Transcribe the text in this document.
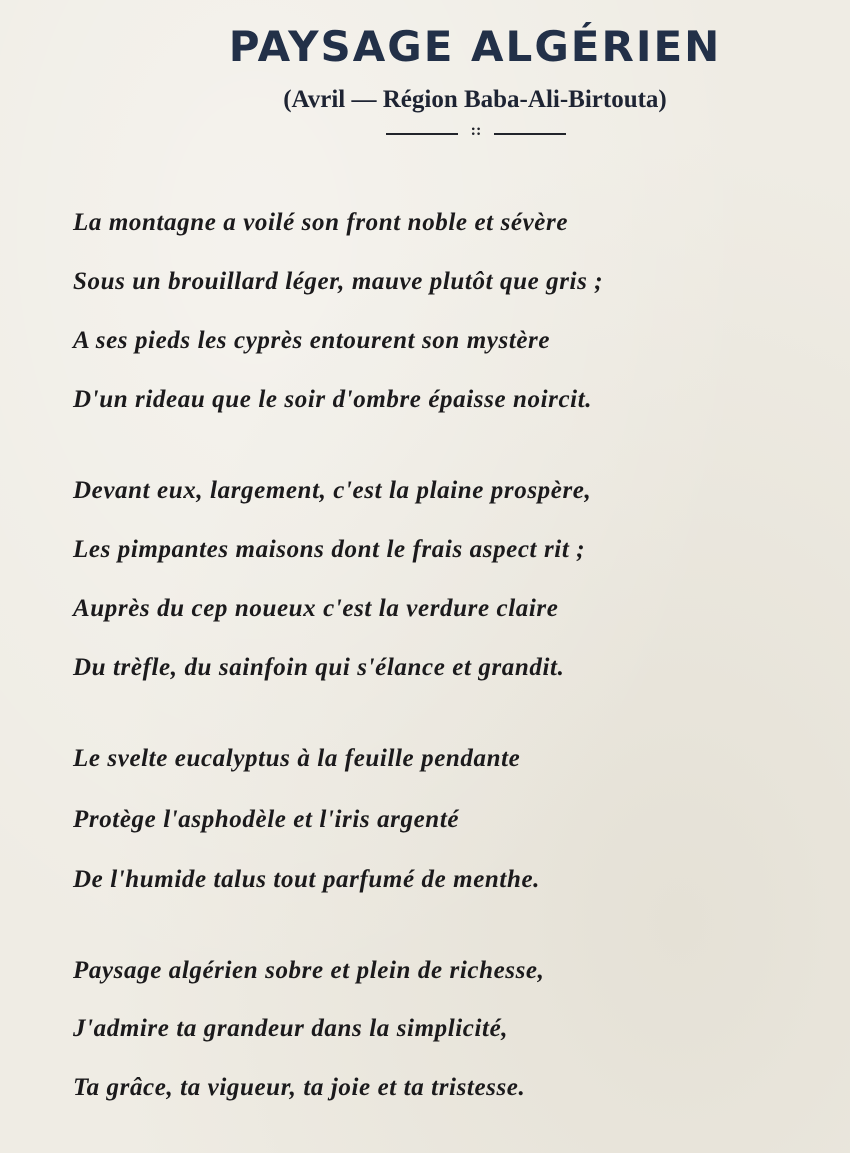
PAYSAGE ALGÉRIEN
(Avril — Région Baba-Ali-Birtouta)
::
La montagne a voilé son front noble et sévère
Sous un brouillard léger, mauve plutôt que gris ;
A ses pieds les cyprès entourent son mystère
D'un rideau que le soir d'ombre épaisse noircit.
Devant eux, largement, c'est la plaine prospère,
Les pimpantes maisons dont le frais aspect rit ;
Auprès du cep noueux c'est la verdure claire
Du trèfle, du sainfoin qui s'élance et grandit.
Le svelte eucalyptus à la feuille pendante
Protège l'asphodèle et l'iris argenté
De l'humide talus tout parfumé de menthe.
Paysage algérien sobre et plein de richesse,
J'admire ta grandeur dans la simplicité,
Ta grâce, ta vigueur, ta joie et ta tristesse.
